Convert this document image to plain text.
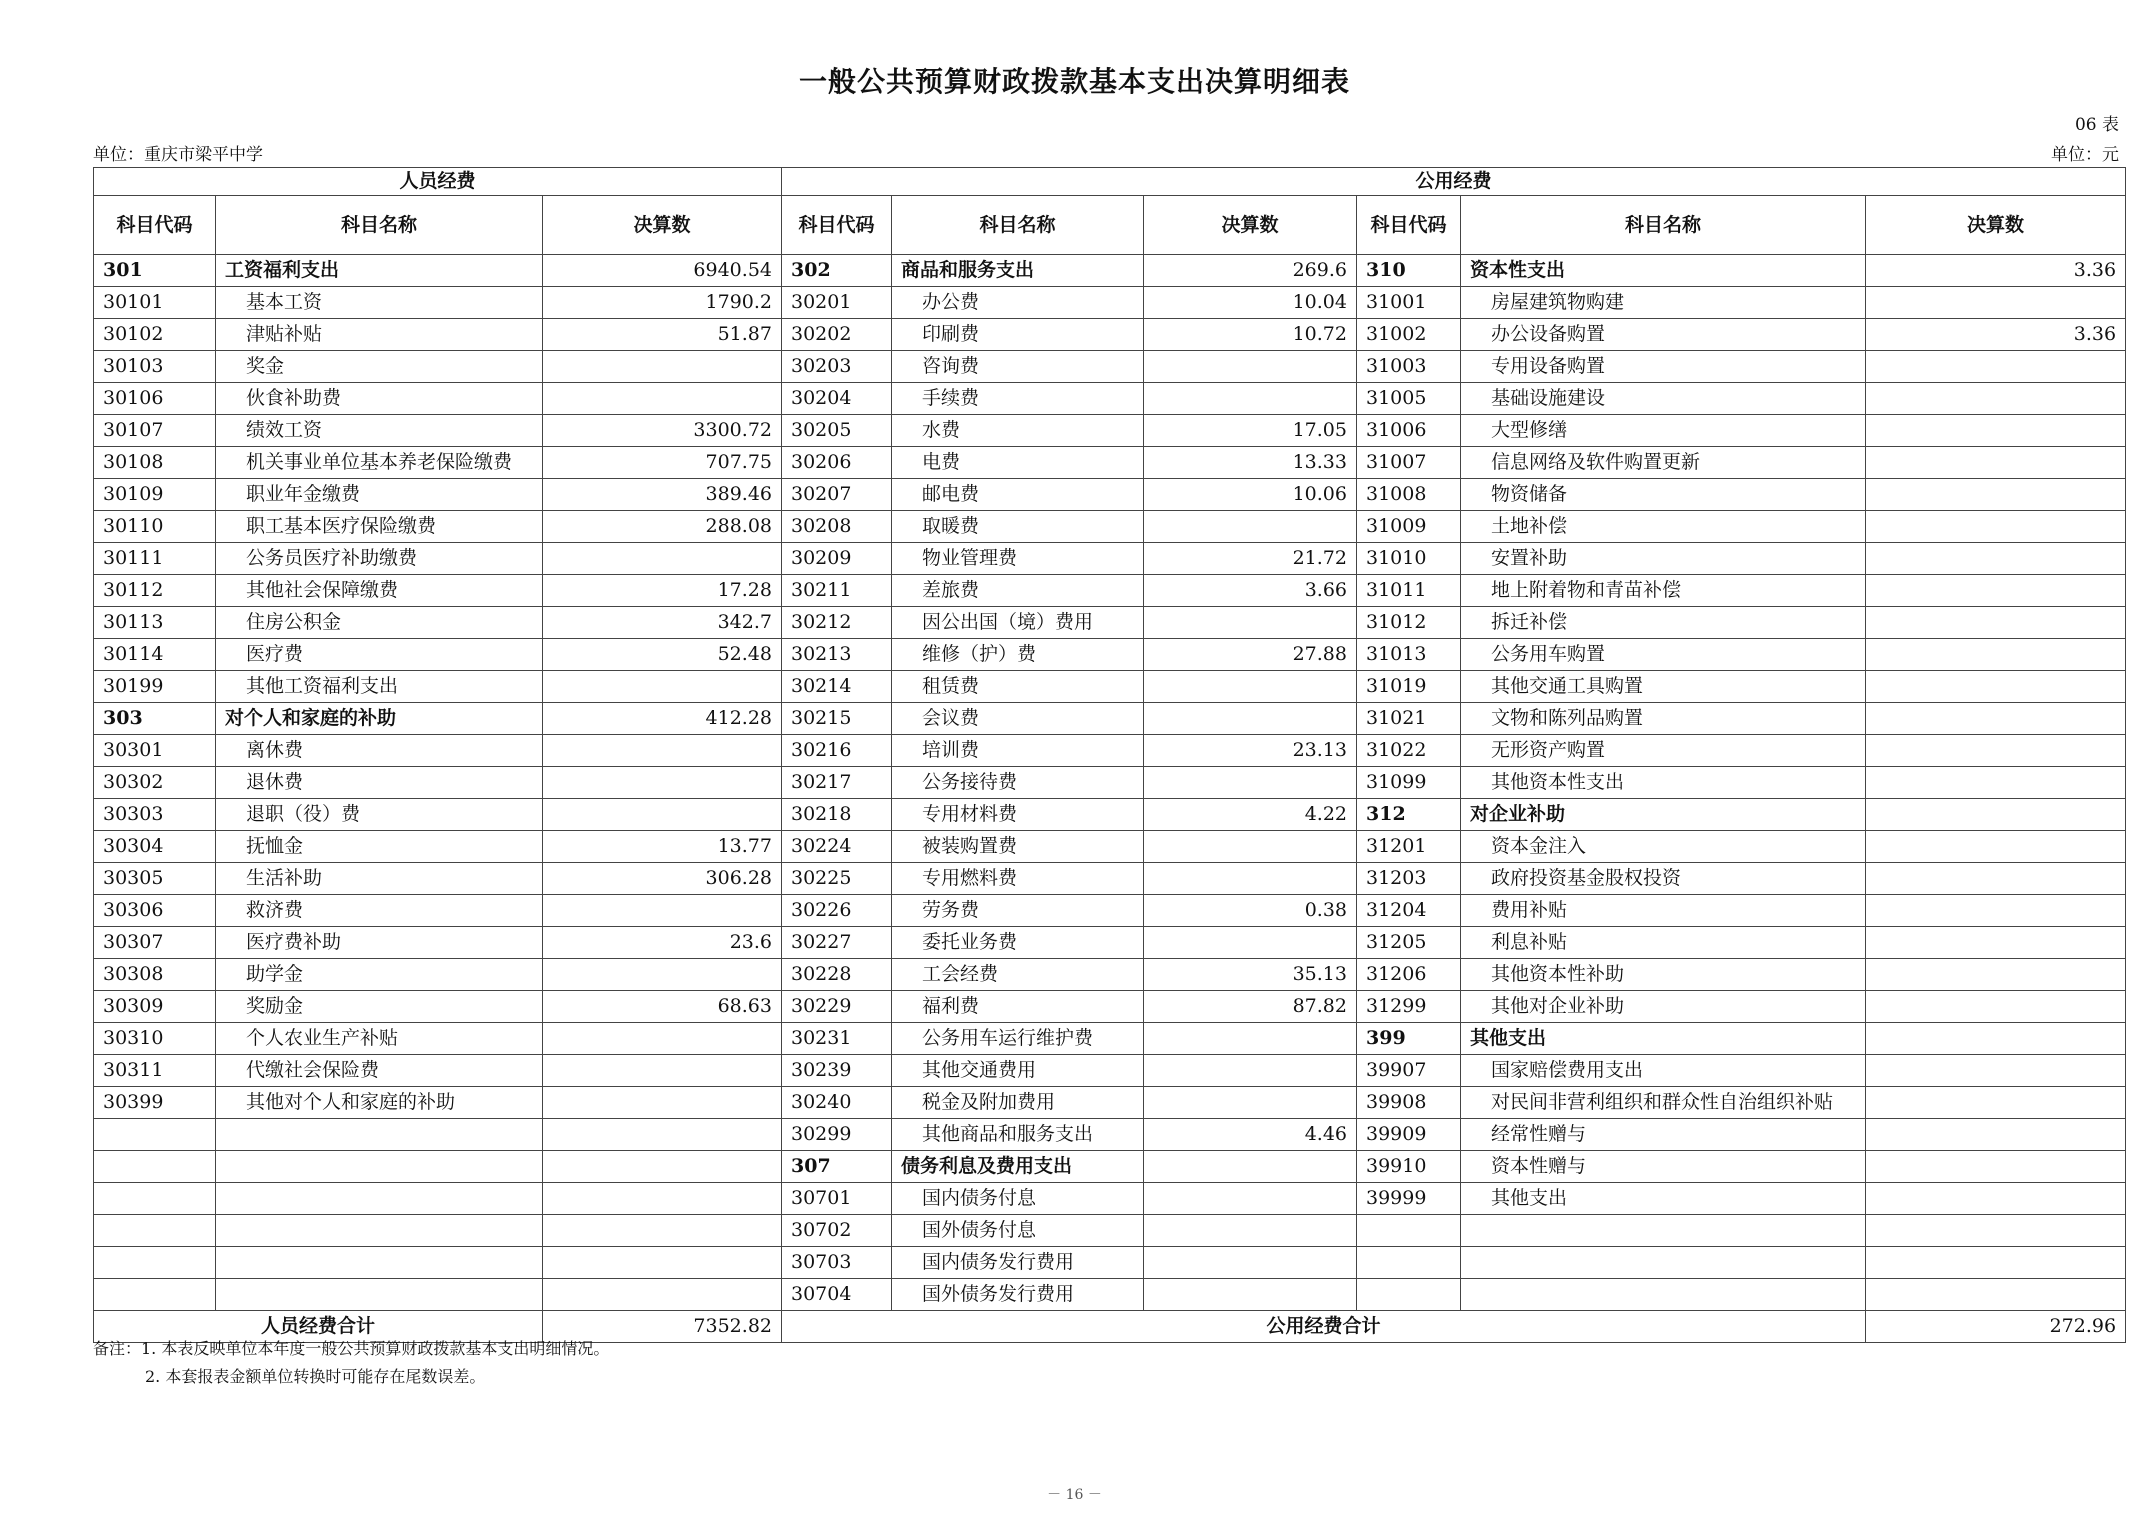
一般公共预算财政拨款基本支出决算明细表
06 表
单位：重庆市梁平中学	单位：元
人员经费			公用经费					
科目代码	科目名称	决算数	科目代码	科目名称	决算数	科目代码	科目名称	决算数
301	工资福利支出	6940.54	302	商品和服务支出	269.6	310	资本性支出	3.36
30101	基本工资	1790.2	30201	办公费	10.04	31001	房屋建筑物购建	
30102	津贴补贴	51.87	30202	印刷费	10.72	31002	办公设备购置	3.36
30103	奖金		30203	咨询费		31003	专用设备购置	
30106	伙食补助费		30204	手续费		31005	基础设施建设	
30107	绩效工资	3300.72	30205	水费	17.05	31006	大型修缮	
30108	机关事业单位基本养老保险缴费	707.75	30206	电费	13.33	31007	信息网络及软件购置更新	
30109	职业年金缴费	389.46	30207	邮电费	10.06	31008	物资储备	
30110	职工基本医疗保险缴费	288.08	30208	取暖费		31009	土地补偿	
30111	公务员医疗补助缴费		30209	物业管理费	21.72	31010	安置补助	
30112	其他社会保障缴费	17.28	30211	差旅费	3.66	31011	地上附着物和青苗补偿	
30113	住房公积金	342.7	30212	因公出国（境）费用		31012	拆迁补偿	
30114	医疗费	52.48	30213	维修（护）费	27.88	31013	公务用车购置	
30199	其他工资福利支出		30214	租赁费		31019	其他交通工具购置	
303	对个人和家庭的补助	412.28	30215	会议费		31021	文物和陈列品购置	
30301	离休费		30216	培训费	23.13	31022	无形资产购置	
30302	退休费		30217	公务接待费		31099	其他资本性支出	
30303	退职（役）费		30218	专用材料费	4.22	312	对企业补助	
30304	抚恤金	13.77	30224	被装购置费		31201	资本金注入	
30305	生活补助	306.28	30225	专用燃料费		31203	政府投资基金股权投资	
30306	救济费		30226	劳务费	0.38	31204	费用补贴	
30307	医疗费补助	23.6	30227	委托业务费		31205	利息补贴	
30308	助学金		30228	工会经费	35.13	31206	其他资本性补助	
30309	奖励金	68.63	30229	福利费	87.82	31299	其他对企业补助	
30310	个人农业生产补贴		30231	公务用车运行维护费		399	其他支出	
30311	代缴社会保险费		30239	其他交通费用		39907	国家赔偿费用支出	
30399	其他对个人和家庭的补助		30240	税金及附加费用		39908	对民间非营利组织和群众性自治组织补贴	
			30299	其他商品和服务支出	4.46	39909	经常性赠与	
			307	债务利息及费用支出		39910	资本性赠与	
			30701	国内债务付息		39999	其他支出	
			30702	国外债务付息				
			30703	国内债务发行费用				
			30704	国外债务发行费用				
人员经费合计		7352.82	公用经费合计					272.96
备注：1. 本表反映单位本年度一般公共预算财政拨款基本支出明细情况。
2. 本套报表金额单位转换时可能存在尾数误差。
－ 16 －
